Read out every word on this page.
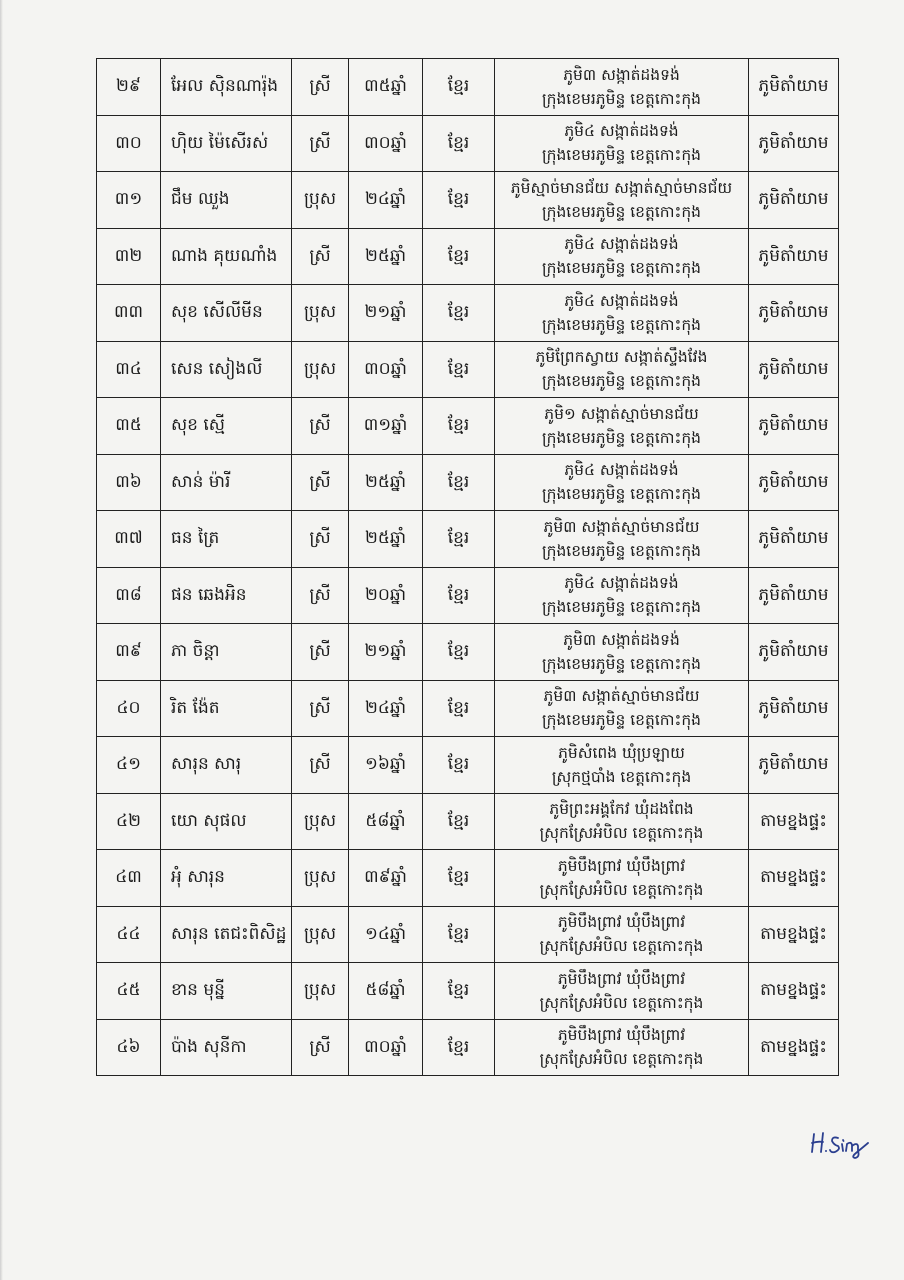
២៩	អែល ស៊ិនណារ៉ុង	ស្រី	៣៥ឆ្នាំ	ខ្មែរ	ភូមិ៣ សង្កាត់ដងទង់
ក្រុងខេមរភូមិន្ទ ខេត្តកោះកុង	ភូមិតាំយាម
៣០	ហុិយ ម៉ៃសើរស់	ស្រី	៣០ឆ្នាំ	ខ្មែរ	ភូមិ៤ សង្កាត់ដងទង់
ក្រុងខេមរភូមិន្ទ ខេត្តកោះកុង	ភូមិតាំយាម
៣១	ជឹម ឈួង	ប្រុស	២៤ឆ្នាំ	ខ្មែរ	ភូមិស្មាច់មានជ័យ សង្កាត់ស្មាច់មានជ័យ
ក្រុងខេមរភូមិន្ទ ខេត្តកោះកុង	ភូមិតាំយាម
៣២	ណាង គុយណាំង	ស្រី	២៥ឆ្នាំ	ខ្មែរ	ភូមិ៤ សង្កាត់ដងទង់
ក្រុងខេមរភូមិន្ទ ខេត្តកោះកុង	ភូមិតាំយាម
៣៣	សុខ សើលីមីន	ប្រុស	២១ឆ្នាំ	ខ្មែរ	ភូមិ៤ សង្កាត់ដងទង់
ក្រុងខេមរភូមិន្ទ ខេត្តកោះកុង	ភូមិតាំយាម
៣៤	សេន សៀងលី	ប្រុស	៣០ឆ្នាំ	ខ្មែរ	ភូមិព្រែកស្វាយ សង្កាត់ស្ទឹងវែង
ក្រុងខេមរភូមិន្ទ ខេត្តកោះកុង	ភូមិតាំយាម
៣៥	សុខ ស្មើ	ស្រី	៣១ឆ្នាំ	ខ្មែរ	ភូមិ១ សង្កាត់ស្មាច់មានជ័យ
ក្រុងខេមរភូមិន្ទ ខេត្តកោះកុង	ភូមិតាំយាម
៣៦	សាន់ ម៉ារី	ស្រី	២៥ឆ្នាំ	ខ្មែរ	ភូមិ៤ សង្កាត់ដងទង់
ក្រុងខេមរភូមិន្ទ ខេត្តកោះកុង	ភូមិតាំយាម
៣៧	ធន ត្រៃ	ស្រី	២៥ឆ្នាំ	ខ្មែរ	ភូមិ៣ សង្កាត់ស្មាច់មានជ័យ
ក្រុងខេមរភូមិន្ទ ខេត្តកោះកុង	ភូមិតាំយាម
៣៨	ផន ឆេងអិន	ស្រី	២០ឆ្នាំ	ខ្មែរ	ភូមិ៤ សង្កាត់ដងទង់
ក្រុងខេមរភូមិន្ទ ខេត្តកោះកុង	ភូមិតាំយាម
៣៩	ភា ចិន្តា	ស្រី	២១ឆ្នាំ	ខ្មែរ	ភូមិ៣ សង្កាត់ដងទង់
ក្រុងខេមរភូមិន្ទ ខេត្តកោះកុង	ភូមិតាំយាម
៤០	រិត ង៉ែត	ស្រី	២៤ឆ្នាំ	ខ្មែរ	ភូមិ៣ សង្កាត់ស្មាច់មានជ័យ
ក្រុងខេមរភូមិន្ទ ខេត្តកោះកុង	ភូមិតាំយាម
៤១	សារុន សារុ	ស្រី	១៦ឆ្នាំ	ខ្មែរ	ភូមិសំពេង ឃុំប្រឡាយ
ស្រុកថ្មបាំង ខេត្តកោះកុង	ភូមិតាំយាម
៤២	យោ សុផល	ប្រុស	៥៨ឆ្នាំ	ខ្មែរ	ភូមិព្រះអង្គកែវ ឃុំដងពែង
ស្រុកស្រែអំបិល ខេត្តកោះកុង	តាមខ្នងផ្ទះ
៤៣	អុំ សារុន	ប្រុស	៣៩ឆ្នាំ	ខ្មែរ	ភូមិបឹងព្រាវ ឃុំបឹងព្រាវ
ស្រុកស្រែអំបិល ខេត្តកោះកុង	តាមខ្នងផ្ទះ
៤៤	សារុន តេជះពិសិដ្ឋ	ប្រុស	១៤ឆ្នាំ	ខ្មែរ	ភូមិបឹងព្រាវ ឃុំបឹងព្រាវ
ស្រុកស្រែអំបិល ខេត្តកោះកុង	តាមខ្នងផ្ទះ
៤៥	ខាន មុន្នី	ប្រុស	៥៨ឆ្នាំ	ខ្មែរ	ភូមិបឹងព្រាវ ឃុំបឹងព្រាវ
ស្រុកស្រែអំបិល ខេត្តកោះកុង	តាមខ្នងផ្ទះ
៤៦	ប៉ាង សុនីកា	ស្រី	៣០ឆ្នាំ	ខ្មែរ	ភូមិបឹងព្រាវ ឃុំបឹងព្រាវ
ស្រុកស្រែអំបិល ខេត្តកោះកុង	តាមខ្នងផ្ទះ
